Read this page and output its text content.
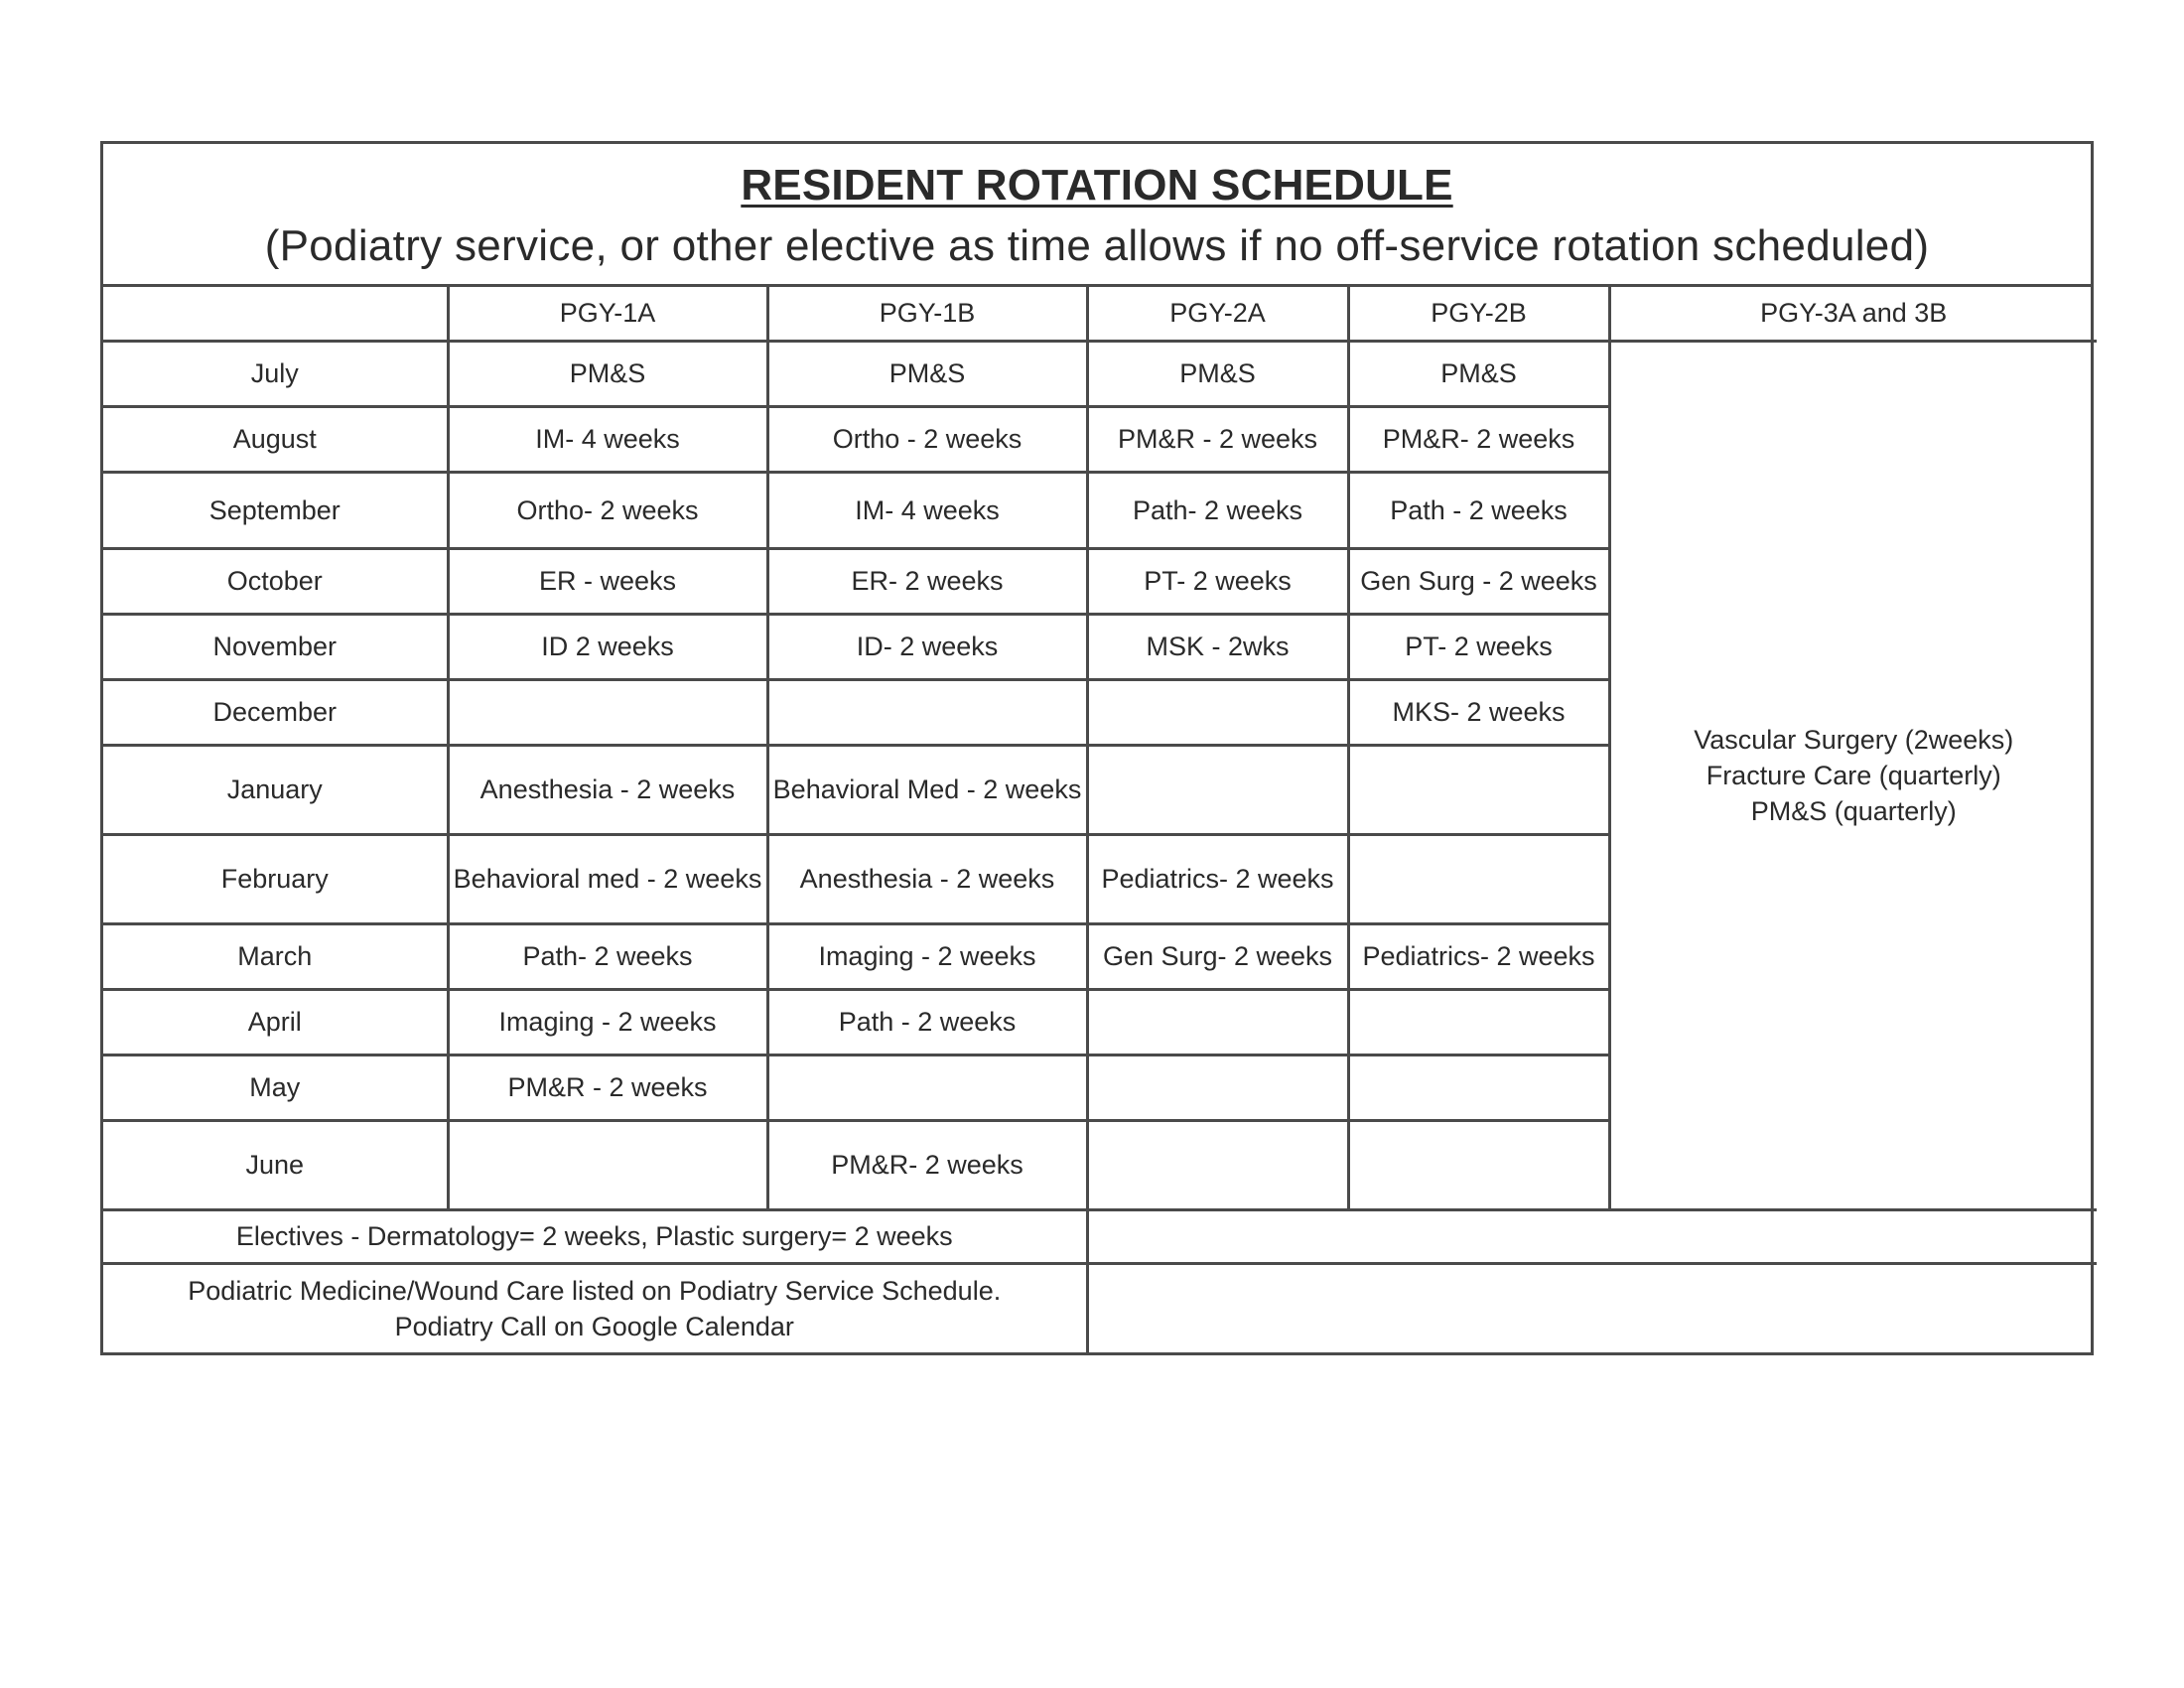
RESIDENT ROTATION SCHEDULE
(Podiatry service, or other elective as time allows if no off-service rotation scheduled)
	PGY-1A	PGY-1B	PGY-2A	PGY-2B	PGY-3A and 3B
July	PM&S	PM&S	PM&S	PM&S	Vascular Surgery (2weeks)
Fracture Care (quarterly)
PM&S (quarterly)

August	IM- 4 weeks	Ortho - 2 weeks	PM&R - 2 weeks	PM&R- 2 weeks	
September	Ortho- 2 weeks	IM- 4 weeks	Path- 2 weeks	Path - 2 weeks	
October	ER - weeks	ER- 2 weeks	PT- 2 weeks	Gen Surg - 2 weeks	
November	ID 2 weeks	ID- 2 weeks	MSK - 2wks	PT- 2 weeks	
December				MKS- 2 weeks	
January	Anesthesia - 2 weeks	Behavioral Med - 2 weeks			
February	Behavioral med - 2 weeks	Anesthesia - 2 weeks	Pediatrics- 2 weeks		
March	Path- 2 weeks	Imaging - 2 weeks	Gen Surg- 2 weeks	Pediatrics- 2 weeks	
April	Imaging - 2 weeks	Path - 2 weeks			
May	PM&R - 2 weeks				
June		PM&R- 2 weeks			
Electives - Dermatology= 2 weeks, Plastic surgery= 2 weeks					

Podiatric Medicine/Wound Care listed on Podiatry Service Schedule.
Podiatry Call on Google Calendar					
